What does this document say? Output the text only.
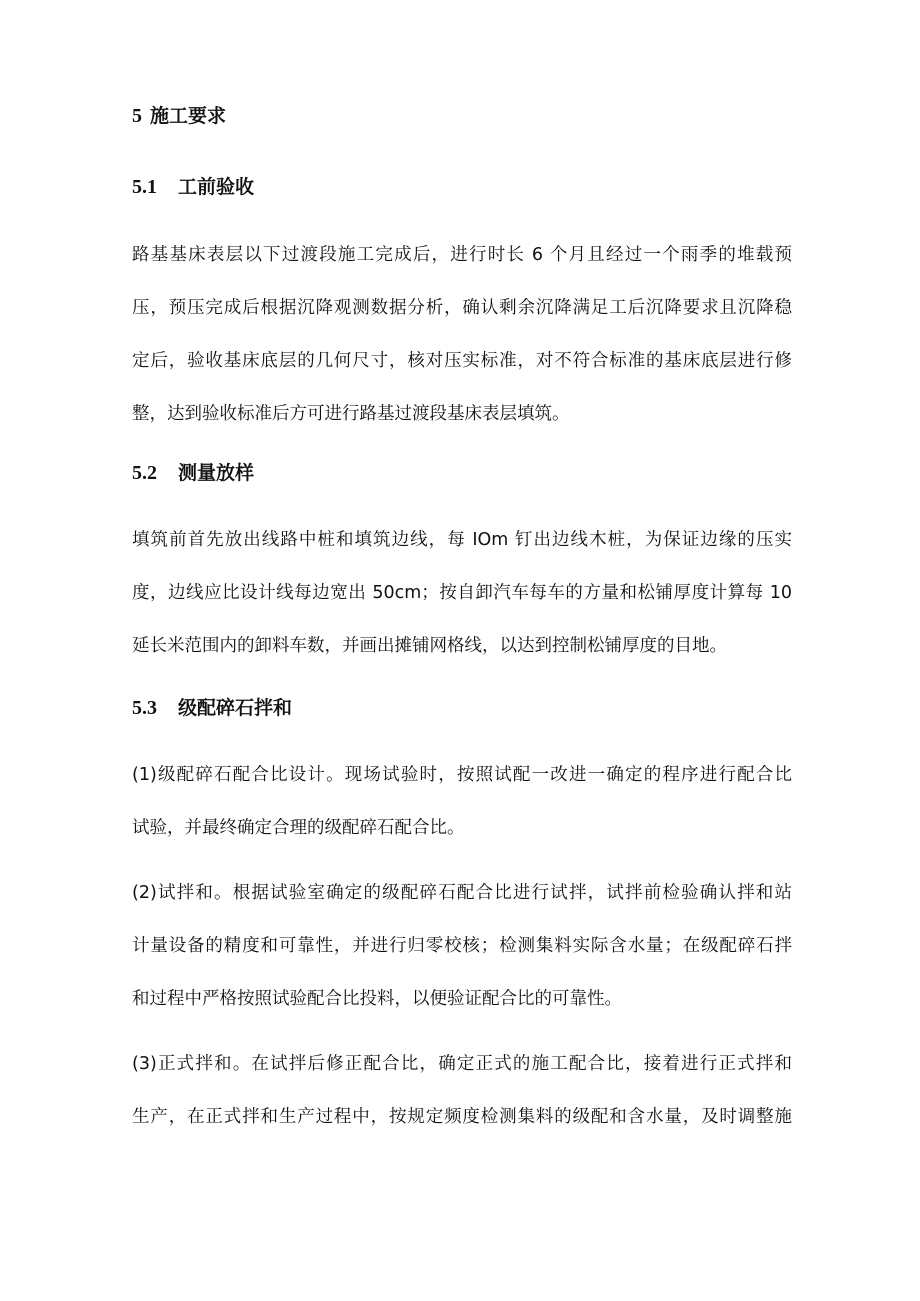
5 施工要求
5.1 工前验收
路基基床表层以下过渡段施工完成后，进行时长 6 个月且经过一个雨季的堆载预
压，预压完成后根据沉降观测数据分析，确认剩余沉降满足工后沉降要求且沉降稳
定后，验收基床底层的几何尺寸，核对压实标准，对不符合标准的基床底层进行修
整，达到验收标准后方可进行路基过渡段基床表层填筑。
5.2 测量放样
填筑前首先放出线路中桩和填筑边线，每 IOm 钉出边线木桩，为保证边缘的压实
度，边线应比设计线每边宽出 50cm；按自卸汽车每车的方量和松铺厚度计算每 10
延长米范围内的卸料车数，并画出摊铺网格线，以达到控制松铺厚度的目地。
5.3 级配碎石拌和
(1)级配碎石配合比设计。现场试验时，按照试配一改进一确定的程序进行配合比
试验，并最终确定合理的级配碎石配合比。
(2)试拌和。根据试验室确定的级配碎石配合比进行试拌，试拌前检验确认拌和站
计量设备的精度和可靠性，并进行归零校核；检测集料实际含水量；在级配碎石拌
和过程中严格按照试验配合比投料，以便验证配合比的可靠性。
(3)正式拌和。在试拌后修正配合比，确定正式的施工配合比，接着进行正式拌和
生产，在正式拌和生产过程中，按规定频度检测集料的级配和含水量，及时调整施
